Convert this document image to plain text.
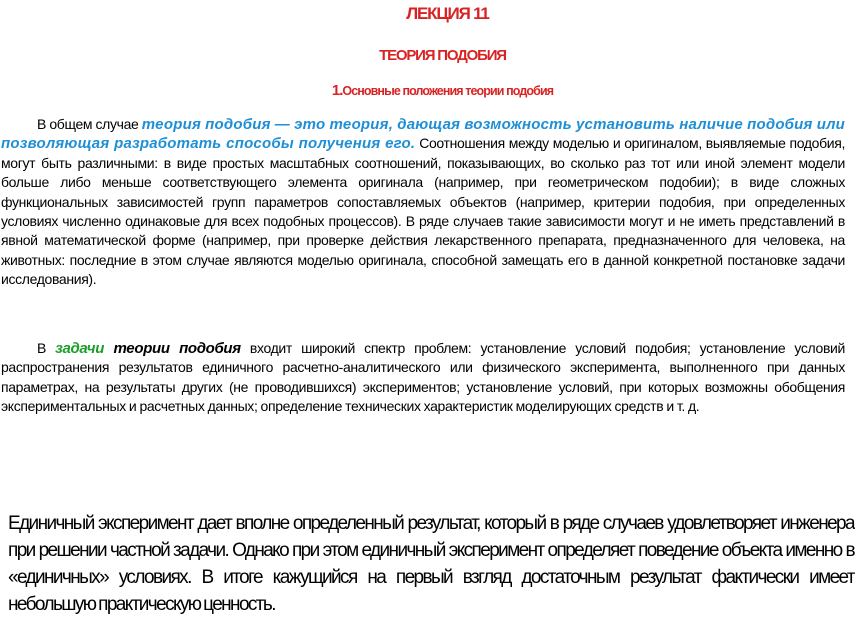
ЛЕКЦИЯ 11
ТЕОРИЯ ПОДОБИЯ
1.Основные положения теории подобия

В общем случае теория подобия — это теория, дающая возможность установить наличие подобия или позволяющая разработать способы получения его. Соотношения между моделью и оригиналом, выявляемые подобия, могут быть различными: в виде простых масштабных соотношений, показывающих, во сколько раз тот или иной элемент модели больше либо меньше соответствующего элемента оригинала (например, при геометрическом подобии); в виде сложных функциональных зависимостей групп параметров сопоставляемых объектов (например, критерии подобия, при определенных условиях численно одинаковые для всех подобных процессов). В ряде случаев такие зависимости могут и не иметь представлений в явной математической форме (например, при проверке действия лекарственного препарата, предназначенного для человека, на животных: последние в этом случае являются моделью оригинала, способной замещать его в данной конкретной постановке задачи исследования).

В задачи теории подобия входит широкий спектр проблем: установление условий подобия; установление условий распространения результатов единичного расчетно-аналитического или физического эксперимента, выполненного при данных параметрах, на результаты других (не проводившихся) экспериментов; установление условий, при которых возможны обобщения экспериментальных и расчетных данных; определение технических характеристик моделирующих средств и т. д.

Единичный эксперимент дает вполне определенный результат, который в ряде случаев удовлетворяет инженера при решении частной задачи. Однако при этом единичный эксперимент определяет поведение объекта именно в «единичных» условиях. В итоге кажущийся на первый взгляд достаточным результат фактически имеет небольшую практическую ценность.
